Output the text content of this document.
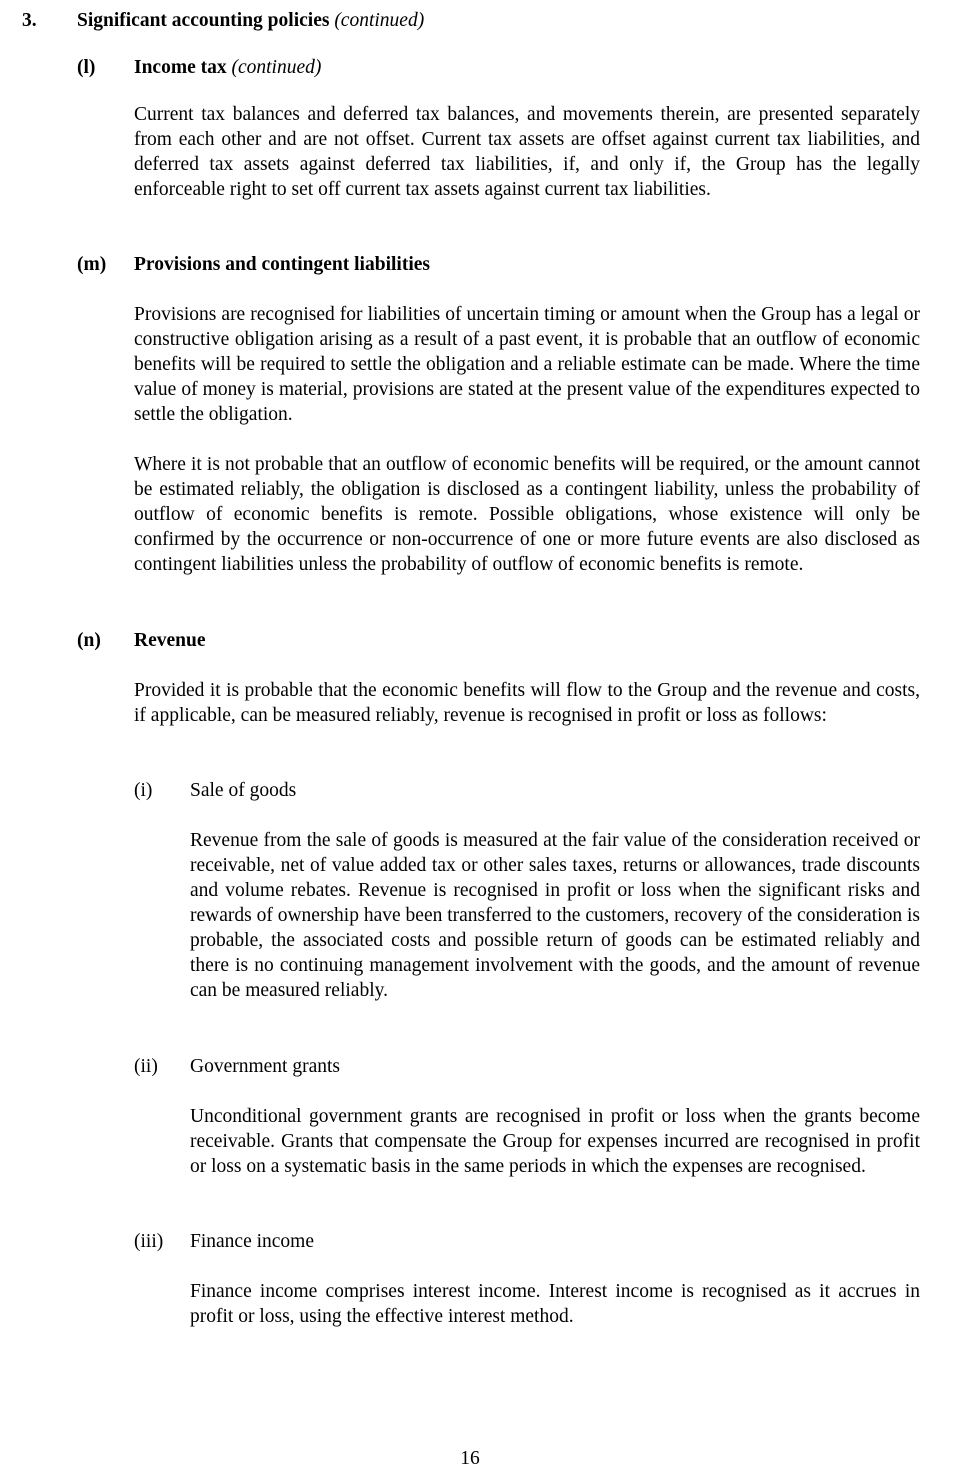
3. Significant accounting policies (continued)
(l) Income tax (continued)
Current tax balances and deferred tax balances, and movements therein, are presented separately from each other and are not offset. Current tax assets are offset against current tax liabilities, and deferred tax assets against deferred tax liabilities, if, and only if, the Group has the legally enforceable right to set off current tax assets against current tax liabilities.
(m) Provisions and contingent liabilities
Provisions are recognised for liabilities of uncertain timing or amount when the Group has a legal or constructive obligation arising as a result of a past event, it is probable that an outflow of economic benefits will be required to settle the obligation and a reliable estimate can be made. Where the time value of money is material, provisions are stated at the present value of the expenditures expected to settle the obligation.
Where it is not probable that an outflow of economic benefits will be required, or the amount cannot be estimated reliably, the obligation is disclosed as a contingent liability, unless the probability of outflow of economic benefits is remote. Possible obligations, whose existence will only be confirmed by the occurrence or non-occurrence of one or more future events are also disclosed as contingent liabilities unless the probability of outflow of economic benefits is remote.
(n) Revenue
Provided it is probable that the economic benefits will flow to the Group and the revenue and costs, if applicable, can be measured reliably, revenue is recognised in profit or loss as follows:
(i) Sale of goods
Revenue from the sale of goods is measured at the fair value of the consideration received or receivable, net of value added tax or other sales taxes, returns or allowances, trade discounts and volume rebates. Revenue is recognised in profit or loss when the significant risks and rewards of ownership have been transferred to the customers, recovery of the consideration is probable, the associated costs and possible return of goods can be estimated reliably and there is no continuing management involvement with the goods, and the amount of revenue can be measured reliably.
(ii) Government grants
Unconditional government grants are recognised in profit or loss when the grants become receivable. Grants that compensate the Group for expenses incurred are recognised in profit or loss on a systematic basis in the same periods in which the expenses are recognised.
(iii) Finance income
Finance income comprises interest income. Interest income is recognised as it accrues in profit or loss, using the effective interest method.
16
